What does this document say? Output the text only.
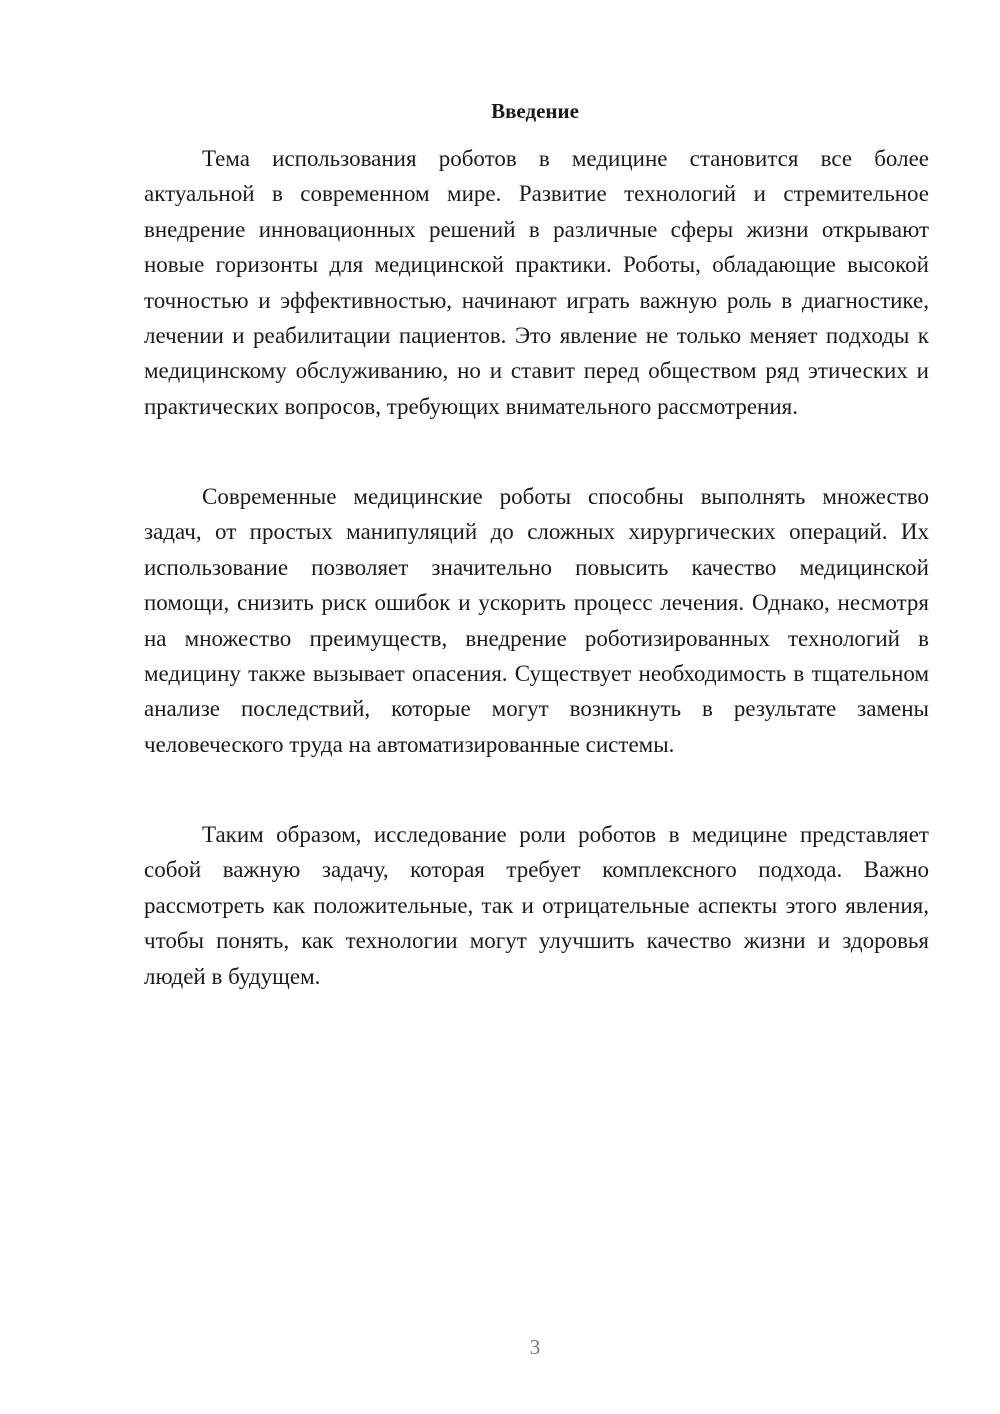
Введение

Тема использования роботов в медицине становится все более актуальной в современном мире. Развитие технологий и стремительное внедрение инновационных решений в различные сферы жизни открывают новые горизонты для медицинской практики. Роботы, обладающие высокой точностью и эффективностью, начинают играть важную роль в диагностике, лечении и реабилитации пациентов. Это явление не только меняет подходы к медицинскому обслуживанию, но и ставит перед обществом ряд этических и практических вопросов, требующих внимательного рассмотрения.

Современные медицинские роботы способны выполнять множество задач, от простых манипуляций до сложных хирургических операций. Их использование позволяет значительно повысить качество медицинской помощи, снизить риск ошибок и ускорить процесс лечения. Однако, несмотря на множество преимуществ, внедрение роботизированных технологий в медицину также вызывает опасения. Существует необходимость в тщательном анализе последствий, которые могут возникнуть в результате замены человеческого труда на автоматизированные системы.

Таким образом, исследование роли роботов в медицине представляет собой важную задачу, которая требует комплексного подхода. Важно рассмотреть как положительные, так и отрицательные аспекты этого явления, чтобы понять, как технологии могут улучшить качество жизни и здоровья людей в будущем.

3
